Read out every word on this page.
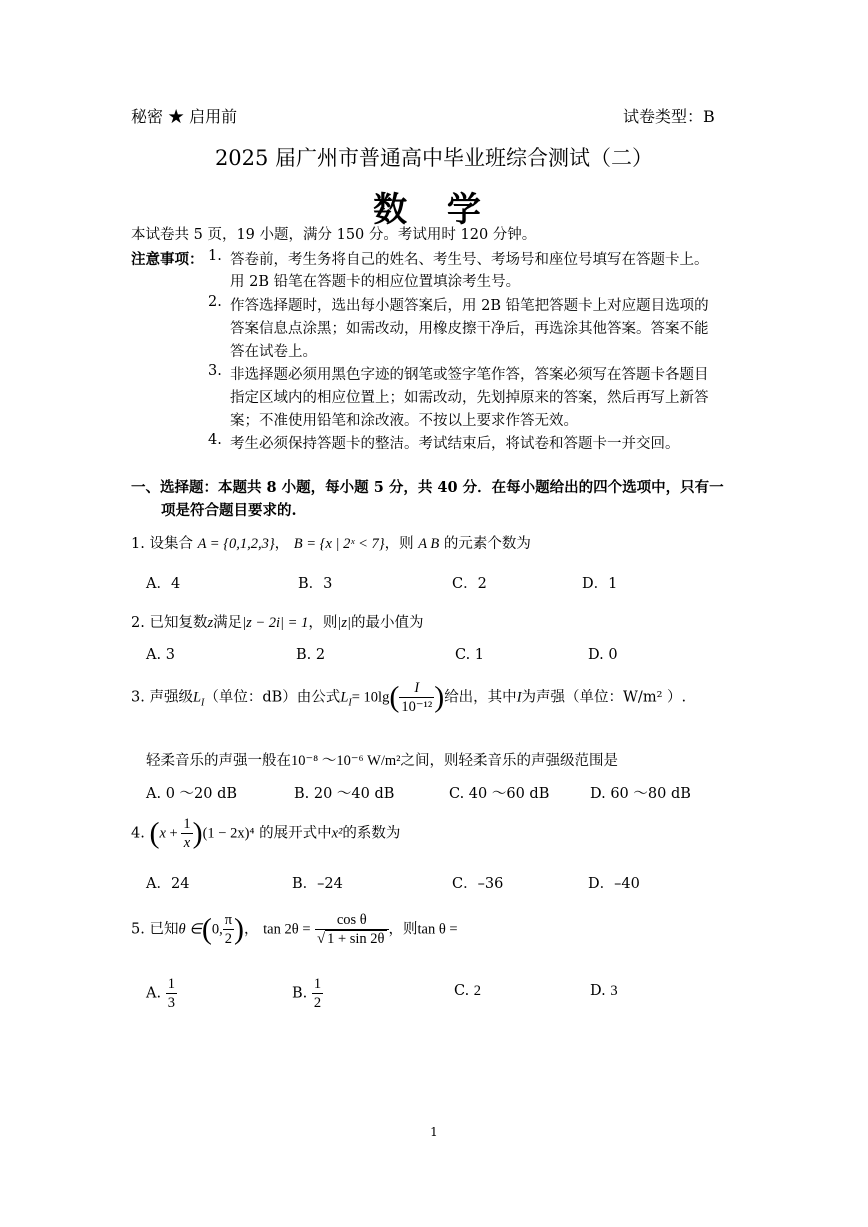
秘密 ★ 启用前	试卷类型：B
2025 届广州市普通高中毕业班综合测试（二）
数 学
本试卷共 5 页，19 小题，满分 150 分。考试用时 120 分钟。
注意事项： 1. 答卷前，考生务将自己的姓名、考生号、考场号和座位号填写在答题卡上。
用 2B 铅笔在答题卡的相应位置填涂考生号。
2. 作答选择题时，选出每小题答案后，用 2B 铅笔把答题卡上对应题目选项的
答案信息点涂黑；如需改动，用橡皮擦干净后，再选涂其他答案。答案不能
答在试卷上。
3. 非选择题必须用黑色字迹的钢笔或签字笔作答，答案必须写在答题卡各题目
指定区域内的相应位置上；如需改动，先划掉原来的答案，然后再写上新答
案；不准使用铅笔和涂改液。不按以上要求作答无效。
4. 考生必须保持答题卡的整洁。考试结束后，将试卷和答题卡一并交回。
一、选择题：本题共 8 小题，每小题 5 分，共 40 分．在每小题给出的四个选项中，只有一
项是符合题目要求的.
1. 设集合 A = {0,1,2,3}， B = {x | 2ˣ < 7}，则 A B 的元素个数为
A．4	B．3	C．2	D．1
2. 已知复数z满足|z − 2i| = 1，则|z|的最小值为
A. 3	B. 2	C. 1	D. 0
3. 声强级$L_I$（单位：dB）由公式$L_I= 10\lg( \frac{I}{\text{10⁻¹²}}$ )给出，其中I为声强（单位：W/m² ）.
轻柔音乐的声强一般在10⁻⁸ ～10⁻⁶ W/m²之间，则轻柔音乐的声强级范围是
A. 0 ～20 dB	B. 20 ～40 dB	C. 40 ～60 dB	D. 60 ～80 dB
4. $(x + \frac{1}{x} )(1 - 2x)^4$ 的展开式中x²的系数为
A．24	B．–24	C．–36	D．–40
5. 已知θ ∈(0, $\frac{\pi}{2}$ )， $\tan 2\theta = \frac{\text{cos θ}}{√ 1 + \sin 2\theta}$ ，则tan θ =
A. $\frac{1}{3}$	B. $\frac{1}{2}$	C. 2	D. 3
1
